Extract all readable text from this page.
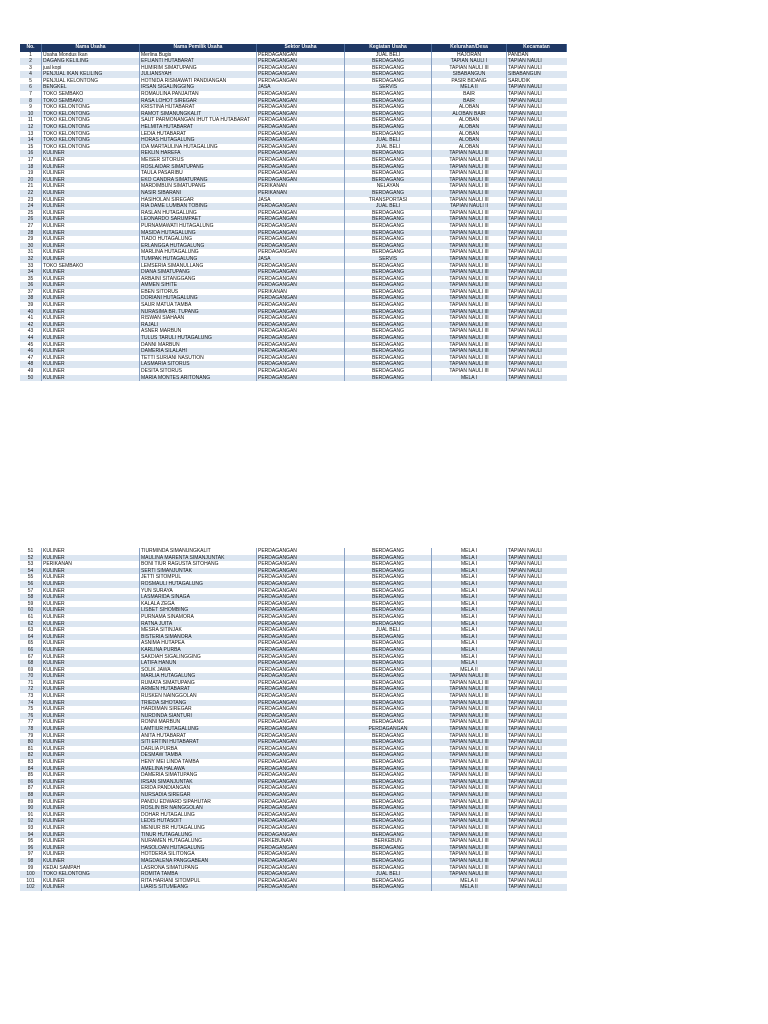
No.	Nama Usaha	Nama Pemilik Usaha	Sektor Usaha	Kegiatan Usaha	Kelurahan/Desa	Kecamatan
1	Usaha Mondus Ikan	Merlina Bugis	PERDAGANGAN	JUAL BELI	HAJORAN	PANDAN
2	DAGANG KELILING	EFLIANTI HUTABARAT	PERDAGANGAN	BERDAGANG	TAPIAN NAULI I	TAPIAN NAULI
3	jual kopi	HUMIRIM SIMATUPANG	PERDAGANGAN	BERDAGANG	TAPIAN NAULI III	TAPIAN NAULI
4	PENJUAL IKAN KELILING	JULIANSYAH	PERDAGANGAN	BERDAGANG	SIBABANGUN	SIBABANGUN
5	PENJUAL KELONTONG	HOTNIDA RISMAWATI PANDIANGAN	PERDAGANGAN	BERDAGANG	PASIR BIDANG	SARUDIK
6	BENGKEL	IRSAN SIGALINGGING	JASA	SERVIS	MELA II	TAPIAN NAULI
7	TOKO SEMBAKO	ROMAULINA PANJAITAN	PERDAGANGAN	BERDAGANG	BAIR	TAPIAN NAULI
8	TOKO SEMBAKO	RASA LOHOT SIREGAR	PERDAGANGAN	BERDAGANG	BAIR	TAPIAN NAULI
9	TOKO KELONTONG	KRISTINA HUTABARAT	PERDAGANGAN	BERDAGANG	ALOBAN	TAPIAN NAULI
10	TOKO KELONTONG	RAMOT SIMANUNGKALIT	PERDAGANGAN	BERDAGANG	ALOBAN BAIR	TAPIAN NAULI
11	TOKO KELONTONG	SAUT PARMONANGAN IHUT TUA HUTABARAT	PERDAGANGAN	BERDAGANG	ALOBAN	TAPIAN NAULI
12	TOKO KELONTONG	HELMITA HUTABARAT	PERDAGANGAN	BERDAGANG	ALOBAN	TAPIAN NAULI
13	TOKO KELONTONG	LEDIA HUTABARAT	PERDAGANGAN	BERDAGANG	ALOBAN	TAPIAN NAULI
14	TOKO KELONTONG	HORAS HUTAGALUNG	PERDAGANGAN	JUAL BELI	ALOBAN	TAPIAN NAULI
15	TOKO KELONTONG	IDA MARTAULINA HUTAGALUNG	PERDAGANGAN	JUAL BELI	ALOBAN	TAPIAN NAULI
16	KULINER	REKLIN HAREFA	PERDAGANGAN	BERDAGANG	TAPIAN NAULI III	TAPIAN NAULI
17	KULINER	MEISER SITORUS	PERDAGANGAN	BERDAGANG	TAPIAN NAULI III	TAPIAN NAULI
18	KULINER	ROSLAIDAR SIMATUPANG	PERDAGANGAN	BERDAGANG	TAPIAN NAULI III	TAPIAN NAULI
19	KULINER	TAULA PASARIBU	PERDAGANGAN	BERDAGANG	TAPIAN NAULI III	TAPIAN NAULI
20	KULINER	EKO CANDRA SIMATUPANG	PERDAGANGAN	BERDAGANG	TAPIAN NAULI III	TAPIAN NAULI
21	KULINER	MARDIMBUN SIMATUPANG	PERIKANAN	NELAYAN	TAPIAN NAULI III	TAPIAN NAULI
22	KULINER	NASIR SIBARANI	PERIKANAN	BERDAGANG	TAPIAN NAULI III	TAPIAN NAULI
23	KULINER	HASIHOLAN SIREGAR	JASA	TRANSPORTASI	TAPIAN NAULI III	TAPIAN NAULI
24	KULINER	RIA DAME LUMBAN TOBING	PERDAGANGAN	JUAL BELI	TAPIAN NAULI II	TAPIAN NAULI
25	KULINER	RASLAN HUTAGALUNG	PERDAGANGAN	BERDAGANG	TAPIAN NAULI III	TAPIAN NAULI
26	KULINER	LEONARDO SARUMPAET	PERDAGANGAN	BERDAGANG	TAPIAN NAULI III	TAPIAN NAULI
27	KULINER	PURNAMAWATI HUTAGALUNG	PERDAGANGAN	BERDAGANG	TAPIAN NAULI III	TAPIAN NAULI
28	KULINER	MASIDA HUTAGALUNG	PERDAGANGAN	BERDAGANG	TAPIAN NAULI III	TAPIAN NAULI
29	KULINER	TIADO HUTAGALUNG	PERDAGANGAN	BERDAGANG	TAPIAN NAULI III	TAPIAN NAULI
30	KULINER	ERLANGGA HUTAGALUNG	PERDAGANGAN	BERDAGANG	TAPIAN NAULI III	TAPIAN NAULI
31	KULINER	MARLINA HUTAGALUNG	PERDAGANGAN	BERDAGANG	TAPIAN NAULI III	TAPIAN NAULI
32	KULINER	TUMPAK HUTAGALUNG	JASA	SERVIS	TAPIAN NAULI III	TAPIAN NAULI
33	TOKO SEMBAKO	LEMSERIA SIMANULLANG	PERDAGANGAN	BERDAGANG	TAPIAN NAULI III	TAPIAN NAULI
34	KULINER	DIANA SIMATUPANG	PERDAGANGAN	BERDAGANG	TAPIAN NAULI III	TAPIAN NAULI
35	KULINER	ARBAINI SITANGGANG	PERDAGANGAN	BERDAGANG	TAPIAN NAULI III	TAPIAN NAULI
36	KULINER	AMMEN SIHITE	PERDAGANGAN	BERDAGANG	TAPIAN NAULI III	TAPIAN NAULI
37	KULINER	EBEN SITORUS	PERIKANAN	BERDAGANG	TAPIAN NAULI III	TAPIAN NAULI
38	KULINER	DORIANI HUTAGALUNG	PERDAGANGAN	BERDAGANG	TAPIAN NAULI III	TAPIAN NAULI
39	KULINER	SAUR MATUA TAMBA	PERDAGANGAN	BERDAGANG	TAPIAN NAULI III	TAPIAN NAULI
40	KULINER	NURASIMA BR. TUPANG	PERDAGANGAN	BERDAGANG	TAPIAN NAULI III	TAPIAN NAULI
41	KULINER	RISWAN SIAHAAN	PERDAGANGAN	BERDAGANG	TAPIAN NAULI III	TAPIAN NAULI
42	KULINER	RAJALI	PERDAGANGAN	BERDAGANG	TAPIAN NAULI III	TAPIAN NAULI
43	KULINER	ASNER MARBUN	PERDAGANGAN	BERDAGANG	TAPIAN NAULI III	TAPIAN NAULI
44	KULINER	TULUS TARULI HUTAGALUNG	PERDAGANGAN	BERDAGANG	TAPIAN NAULI III	TAPIAN NAULI
45	KULINER	DANNI MARBUN	PERDAGANGAN	BERDAGANG	TAPIAN NAULI III	TAPIAN NAULI
46	KULINER	DAMERIA SILALAHI	PERDAGANGAN	BERDAGANG	TAPIAN NAULI III	TAPIAN NAULI
47	KULINER	TETTI SURIANI NASUTION	PERDAGANGAN	BERDAGANG	TAPIAN NAULI III	TAPIAN NAULI
48	KULINER	LASMARIA SITORUS	PERDAGANGAN	BERDAGANG	TAPIAN NAULI III	TAPIAN NAULI
49	KULINER	DESITA SITORUS	PERDAGANGAN	BERDAGANG	TAPIAN NAULI III	TAPIAN NAULI
50	KULINER	MARIA MONTES ARITONANG	PERDAGANGAN	BERDAGANG	MELA I	TAPIAN NAULI
51	KULINER	TIURMINDA SIMANUNGKALIT	PERDAGANGAN	BERDAGANG	MELA I	TAPIAN NAULI
52	KULINER	MAULINA MARENTA SIMANJUNTAK	PERDAGANGAN	BERDAGANG	MELA I	TAPIAN NAULI
53	PERIKANAN	BONI TIUR RAGUSTA SITOHANG	PERDAGANGAN	BERDAGANG	MELA I	TAPIAN NAULI
54	KULINER	SERTI SIMANJUNTAK	PERDAGANGAN	BERDAGANG	MELA I	TAPIAN NAULI
55	KULINER	JETTI SITOMPUL	PERDAGANGAN	BERDAGANG	MELA I	TAPIAN NAULI
56	KULINER	ROSMAULI HUTAGALUNG	PERDAGANGAN	BERDAGANG	MELA I	TAPIAN NAULI
57	KULINER	YUN SURAYA	PERDAGANGAN	BERDAGANG	MELA I	TAPIAN NAULI
58	KULINER	LASMARIDA SINAGA	PERDAGANGAN	BERDAGANG	MELA I	TAPIAN NAULI
59	KULINER	KALALA ZEGA	PERDAGANGAN	BERDAGANG	MELA I	TAPIAN NAULI
60	KULINER	LISBET SIHOMBING	PERDAGANGAN	BERDAGANG	MELA I	TAPIAN NAULI
61	KULINER	PURNAMA SINAMORA	PERDAGANGAN	BERDAGANG	MELA I	TAPIAN NAULI
62	KULINER	RATNA JUITA	PERDAGANGAN	BERDAGANG	MELA I	TAPIAN NAULI
63	KULINER	MESRA SITINJAK	PERDAGANGAN	JUAL BELI	MELA I	TAPIAN NAULI
64	KULINER	BISTERIA SIMANORA	PERDAGANGAN	BERDAGANG	MELA I	TAPIAN NAULI
65	KULINER	ASNIMA HUTAPEA	PERDAGANGAN	BERDAGANG	MELA I	TAPIAN NAULI
66	KULINER	KARLINA PURBA	PERDAGANGAN	BERDAGANG	MELA I	TAPIAN NAULI
67	KULINER	SAKDIAH SIGALINGGING	PERDAGANGAN	BERDAGANG	MELA I	TAPIAN NAULI
68	KULINER	LATIFA HANUN	PERDAGANGAN	BERDAGANG	MELA I	TAPIAN NAULI
69	KULINER	SOLIK JAWA	PERDAGANGAN	BERDAGANG	MELA II	TAPIAN NAULI
70	KULINER	MARLIA HUTAGALUNG	PERDAGANGAN	BERDAGANG	TAPIAN NAULI III	TAPIAN NAULI
71	KULINER	RUMATA SIMATUPANG	PERDAGANGAN	BERDAGANG	TAPIAN NAULI III	TAPIAN NAULI
72	KULINER	ARMEN HUTABARAT	PERDAGANGAN	BERDAGANG	TAPIAN NAULI III	TAPIAN NAULI
73	KULINER	RUSKEN NAINGGOLAN	PERDAGANGAN	BERDAGANG	TAPIAN NAULI III	TAPIAN NAULI
74	KULINER	TRIEDA SIHOTANG	PERDAGANGAN	BERDAGANG	TAPIAN NAULI III	TAPIAN NAULI
75	KULINER	HARDIMAN SIREGAR	PERDAGANGAN	BERDAGANG	TAPIAN NAULI III	TAPIAN NAULI
76	KULINER	NURDINDA SIANTURI	PERDAGANGAN	BERDAGANG	TAPIAN NAULI III	TAPIAN NAULI
77	KULINER	RONNI MARBUN	PERDAGANGAN	BERDAGANG	TAPIAN NAULI III	TAPIAN NAULI
78	KULINER	LAMTIUR HUTAGALUNG	PERDAGANGAN	PERDAGANGAN	TAPIAN NAULI III	TAPIAN NAULI
79	KULINER	ANITA HUTABARAT	PERDAGANGAN	BERDAGANG	TAPIAN NAULI III	TAPIAN NAULI
80	KULINER	SITI ERTINI HUTABARAT	PERDAGANGAN	BERDAGANG	TAPIAN NAULI III	TAPIAN NAULI
81	KULINER	DARLIA PURBA	PERDAGANGAN	BERDAGANG	TAPIAN NAULI III	TAPIAN NAULI
82	KULINER	DESMAW TAMBA	PERDAGANGAN	BERDAGANG	TAPIAN NAULI III	TAPIAN NAULI
83	KULINER	HENY MEI LINDA TAMBA	PERDAGANGAN	BERDAGANG	TAPIAN NAULI III	TAPIAN NAULI
84	KULINER	AMELINA HALAWA	PERDAGANGAN	BERDAGANG	TAPIAN NAULI III	TAPIAN NAULI
85	KULINER	DAMERIA SIMATUPANG	PERDAGANGAN	BERDAGANG	TAPIAN NAULI III	TAPIAN NAULI
86	KULINER	IRSAN SIMANJUNTAK	PERDAGANGAN	BERDAGANG	TAPIAN NAULI III	TAPIAN NAULI
87	KULINER	ERIDA PANDIANGAN	PERDAGANGAN	BERDAGANG	TAPIAN NAULI III	TAPIAN NAULI
88	KULINER	NURSADIA SIREGAR	PERDAGANGAN	BERDAGANG	TAPIAN NAULI III	TAPIAN NAULI
89	KULINER	PANDU EDWARD SIPAHUTAR	PERDAGANGAN	BERDAGANG	TAPIAN NAULI III	TAPIAN NAULI
90	KULINER	ROSLIN BR NAINGGOLAN	PERDAGANGAN	BERDAGANG	TAPIAN NAULI III	TAPIAN NAULI
91	KULINER	DOHAR HUTAGALUNG	PERDAGANGAN	BERDAGANG	TAPIAN NAULI III	TAPIAN NAULI
92	KULINER	LEDIS HUTASOIT	PERDAGANGAN	BERDAGANG	TAPIAN NAULI III	TAPIAN NAULI
93	KULINER	MENIUR BR HUTAGALUNG	PERDAGANGAN	BERDAGANG	TAPIAN NAULI III	TAPIAN NAULI
94	KULINER	TINUR HUTAGALUNG	PERDAGANGAN	BERDAGANG	TAPIAN NAULI III	TAPIAN NAULI
95	KULINER	NURAMEN HUTAGALUNG	PERKEBUNAN	BERKEBUN	TAPIAN NAULI III	TAPIAN NAULI
96	KULINER	HASOLOAN HUTAGALUNG	PERDAGANGAN	BERDAGANG	TAPIAN NAULI III	TAPIAN NAULI
97	KULINER	HOTDERIA SILITONGA	PERDAGANGAN	BERDAGANG	TAPIAN NAULI III	TAPIAN NAULI
98	KULINER	MAGDALENA PANGGABEAN	PERDAGANGAN	BERDAGANG	TAPIAN NAULI III	TAPIAN NAULI
99	KEDAI SAMPAH	LASRONA SIMATUPANG	PERDAGANGAN	BERDAGANG	TAPIAN NAULI III	TAPIAN NAULI
100	TOKO KELONTONG	ROMITA TAMBA	PERDAGANGAN	JUAL BELI	TAPIAN NAULI III	TAPIAN NAULI
101	KULINER	RITA HARIANI SITOMPUL	PERDAGANGAN	BERDAGANG	MELA II	TAPIAN NAULI
102	KULINER	LIARIS SITUMEANG	PERDAGANGAN	BERDAGANG	MELA II	TAPIAN NAULI
